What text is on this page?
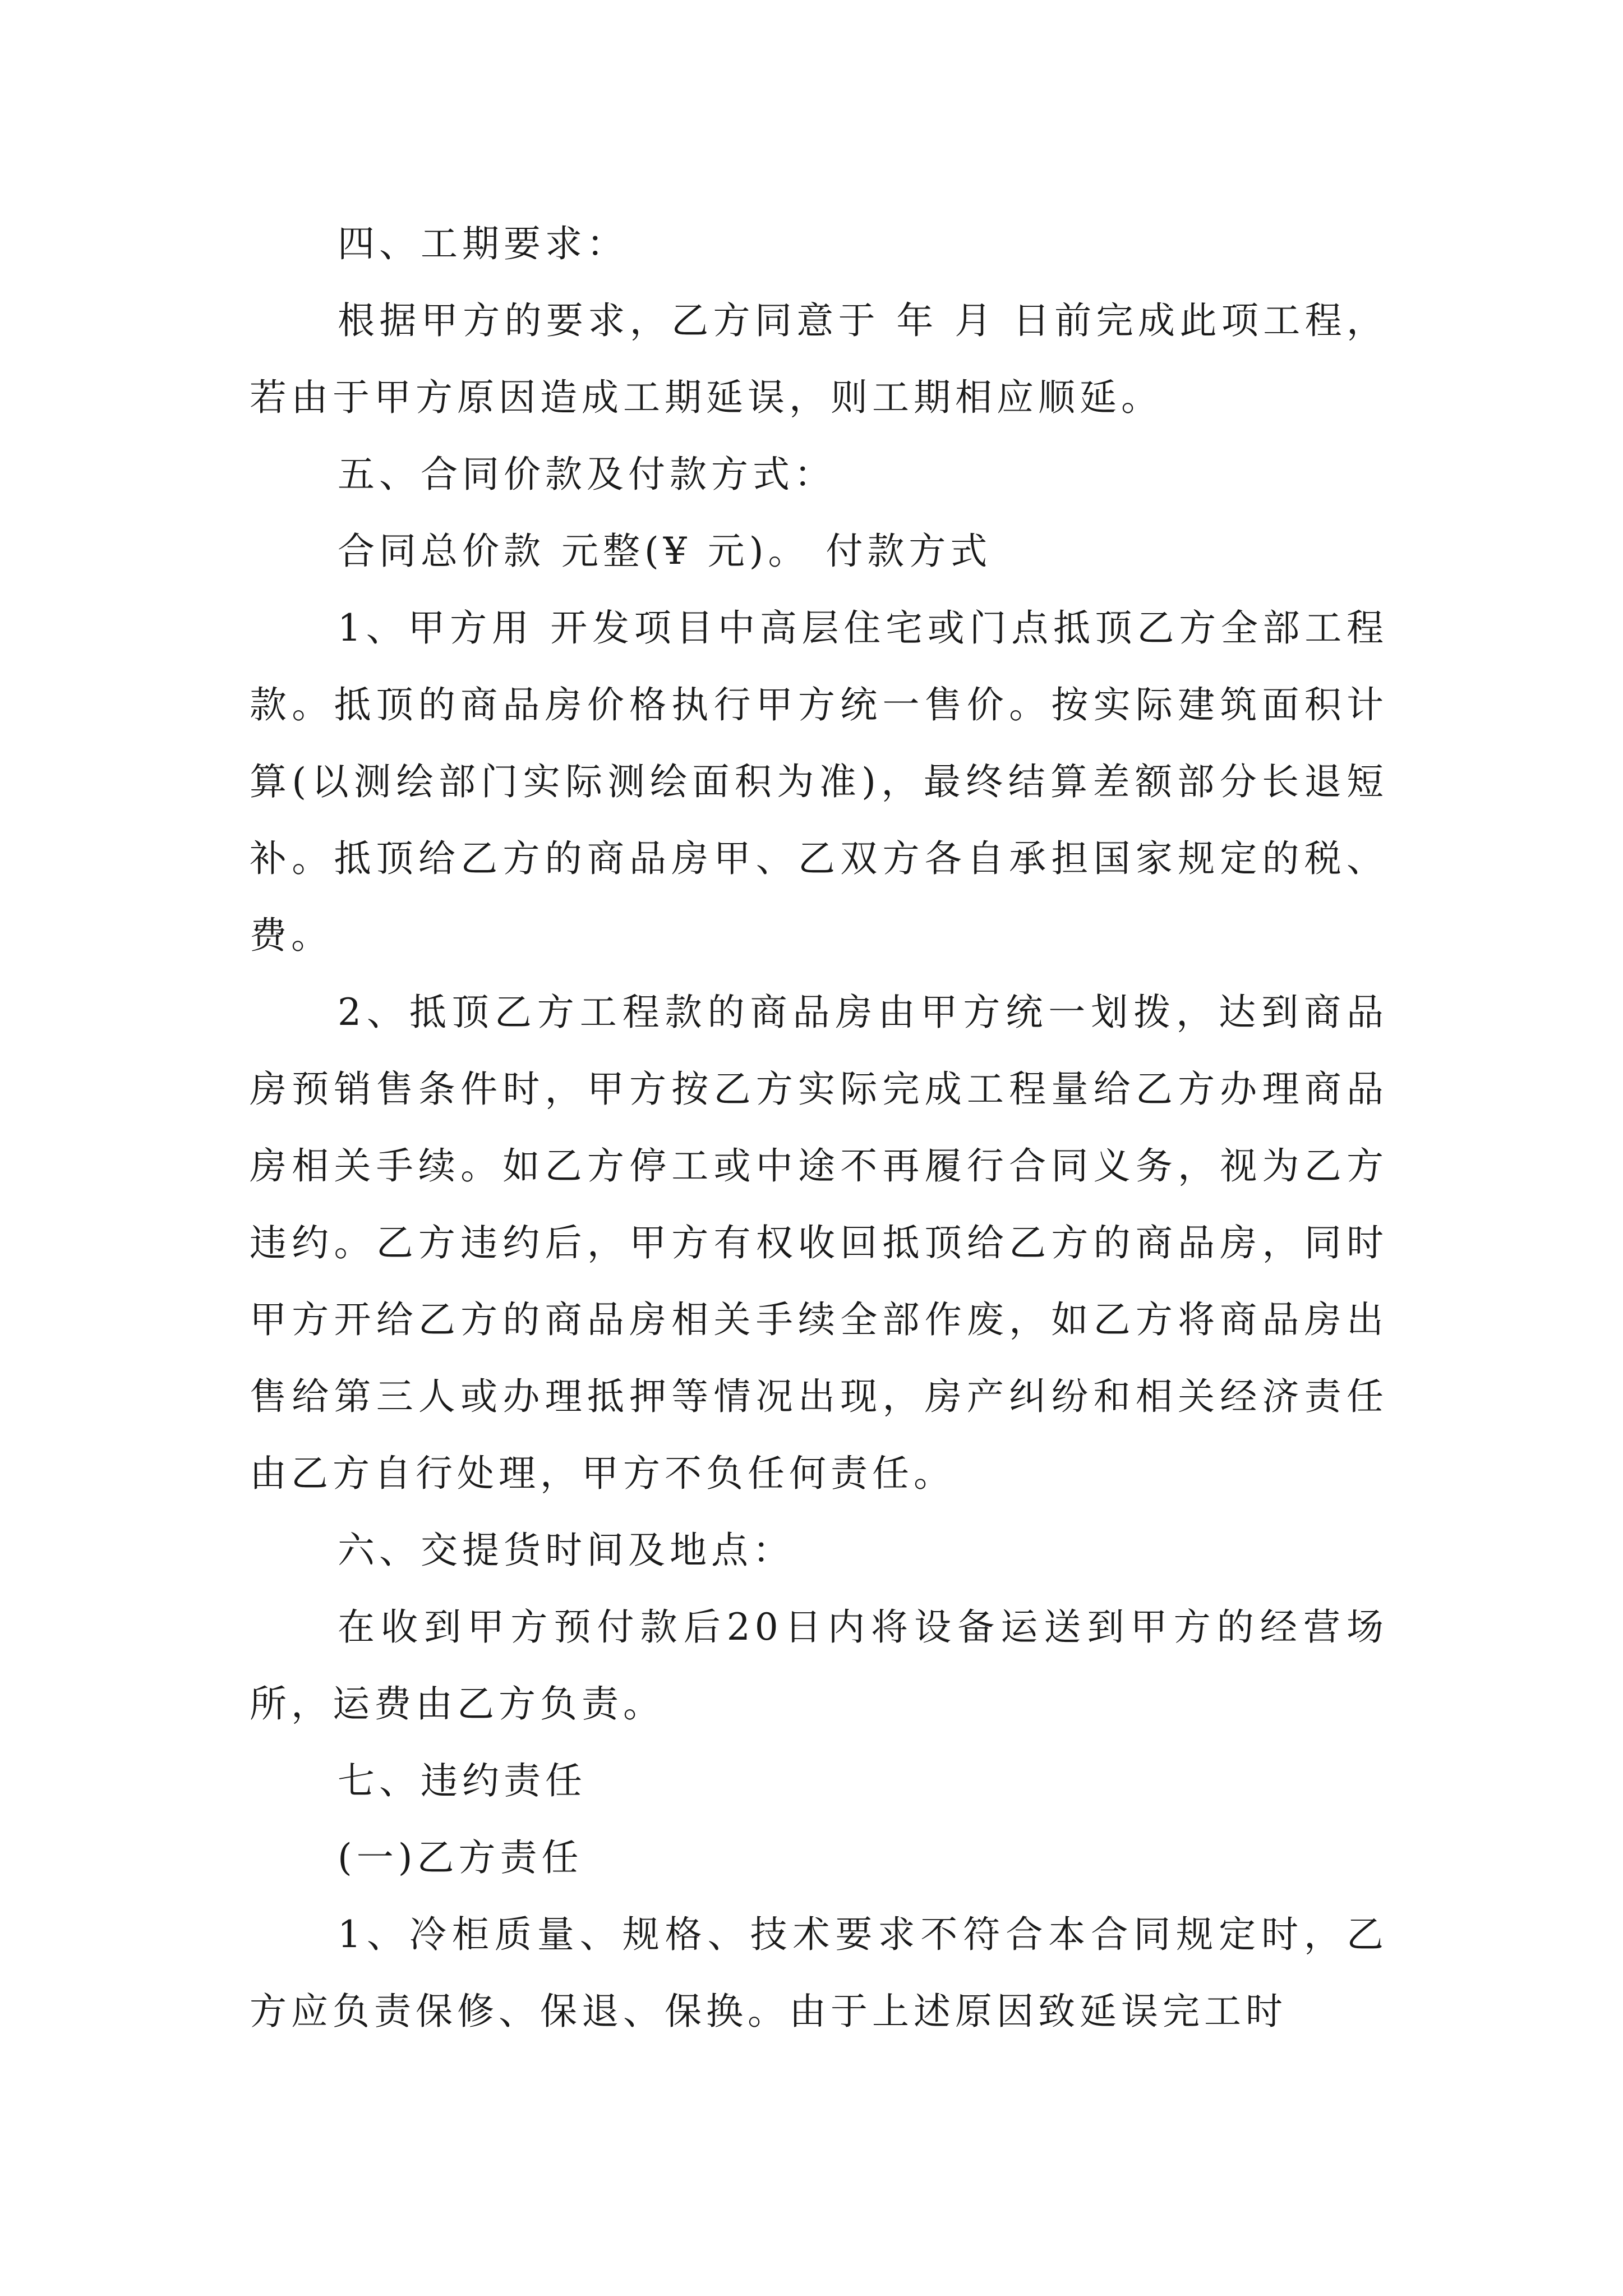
四、工期要求：

根据甲方的要求，乙方同意于 年 月 日前完成此项工程，若由于甲方原因造成工期延误，则工期相应顺延。

五、合同价款及付款方式：

合同总价款 元整(¥ 元)。 付款方式

1、甲方用 开发项目中高层住宅或门点抵顶乙方全部工程款。抵顶的商品房价格执行甲方统一售价。按实际建筑面积计算(以测绘部门实际测绘面积为准)，最终结算差额部分长退短补。抵顶给乙方的商品房甲、乙双方各自承担国家规定的税、费。

2、抵顶乙方工程款的商品房由甲方统一划拨，达到商品房预销售条件时，甲方按乙方实际完成工程量给乙方办理商品房相关手续。如乙方停工或中途不再履行合同义务，视为乙方违约。乙方违约后，甲方有权收回抵顶给乙方的商品房，同时甲方开给乙方的商品房相关手续全部作废，如乙方将商品房出售给第三人或办理抵押等情况出现，房产纠纷和相关经济责任由乙方自行处理，甲方不负任何责任。

六、交提货时间及地点：

在收到甲方预付款后20日内将设备运送到甲方的经营场所，运费由乙方负责。

七、违约责任

(一)乙方责任

1、冷柜质量、规格、技术要求不符合本合同规定时，乙方应负责保修、保退、保换。由于上述原因致延误完工时
